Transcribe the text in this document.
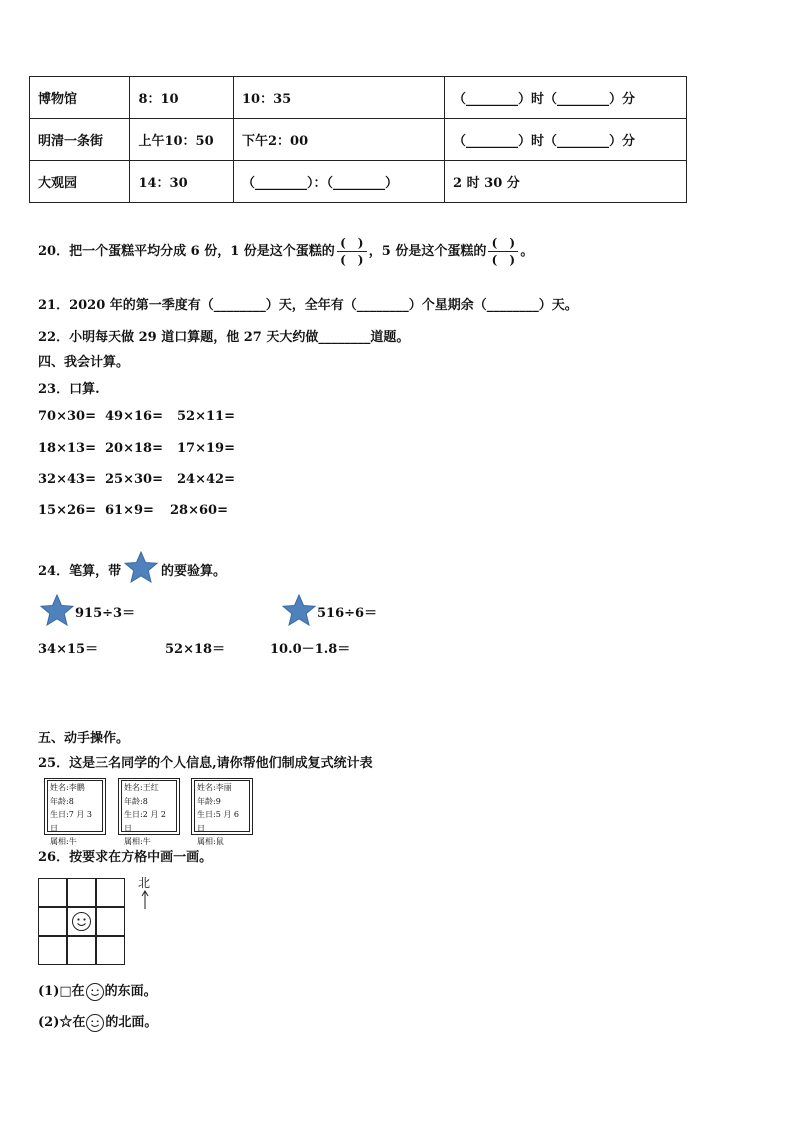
博物馆	8：10	10：35	（________）时（________）分
明清一条街	上午10：50	下午2：00	（________）时（________）分
大观园	14：30	（________）：（________）	2 时 30 分
20．把一个蛋糕平均分成 6 份，1 份是这个蛋糕的 $\frac{( )}{( )}$ ，5 份是这个蛋糕的 $\frac{( )}{( )}$ 。
21．2020 年的第一季度有（________）天，全年有（________）个星期余（________）天。
22．小明每天做 29 道口算题，他 27 天大约做________道题。
四、我会计算。
23．口算.
70×30= 49×16= 52×11=
18×13= 20×18= 17×19=
32×43= 25×30= 24×42=
15×26= 61×9= 28×60=
24．笔算，带	的要验算。
915÷3＝	516÷6＝
34×15＝	52×18＝	10.0－1.8＝
五、动手操作。
25．这是三名同学的个人信息,请你帮他们制成复式统计表
姓名:李鹏
年龄:8
生日:7 月 3 日
属相:牛
姓名:王红
年龄:8
生日:2 月 2 日
属相:牛
姓名:李丽
年龄:9
生日:5 月 6 日
属相:鼠
26．按要求在方格中画一画。
北
(1)□在 的东面。
(2)☆在 的北面。
